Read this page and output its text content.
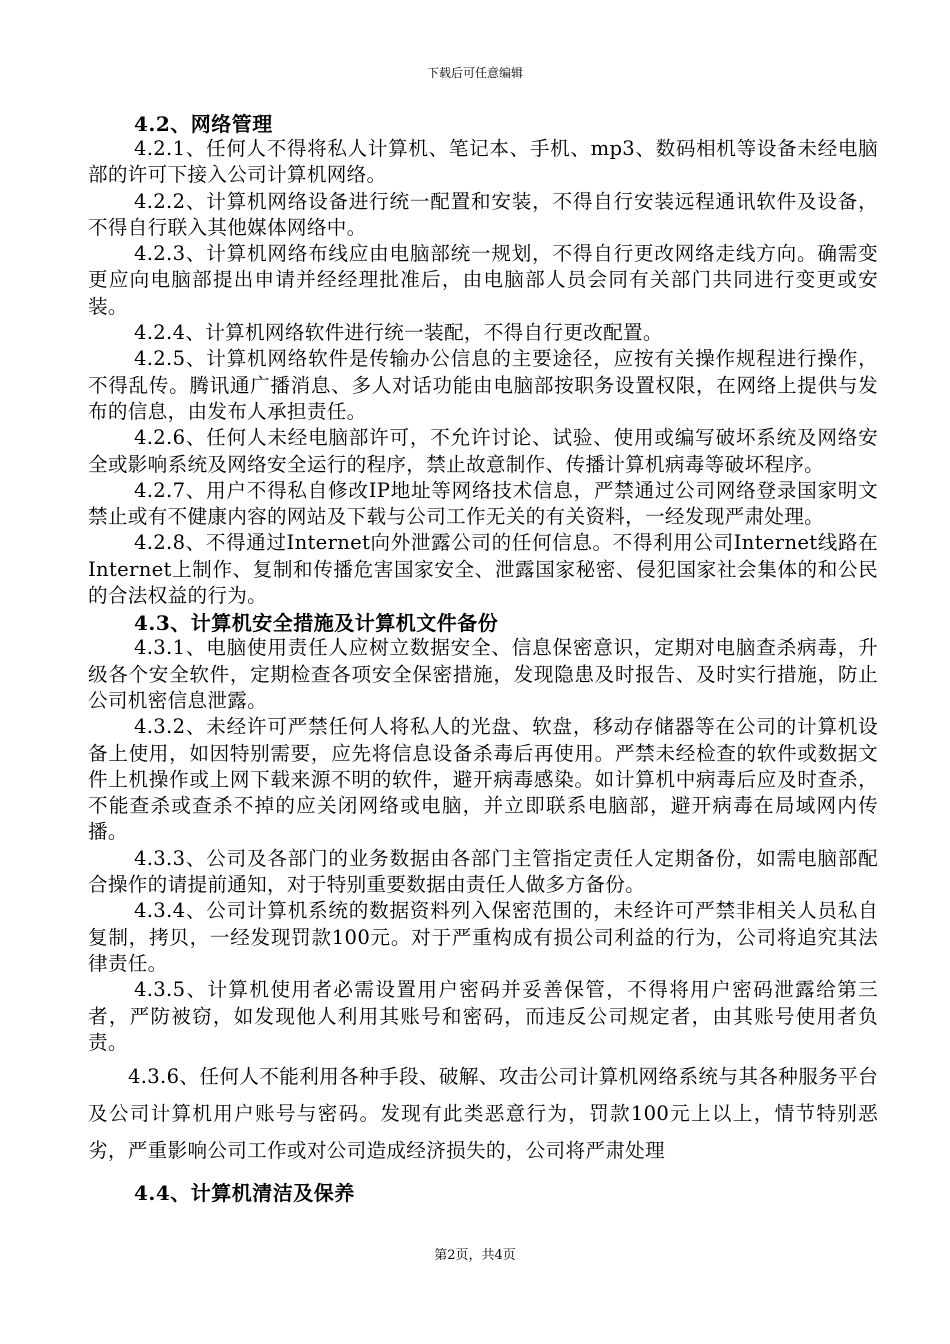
下载后可任意编辑

4.2、网络管理

4.2.1、任何人不得将私人计算机、笔记本、手机、mp3、数码相机等设备未经电脑部的许可下接入公司计算机网络。

4.2.2、计算机网络设备进行统一配置和安装，不得自行安装远程通讯软件及设备，不得自行联入其他媒体网络中。

4.2.3、计算机网络布线应由电脑部统一规划，不得自行更改网络走线方向。确需变更应向电脑部提出申请并经经理批准后，由电脑部人员会同有关部门共同进行变更或安装。

4.2.4、计算机网络软件进行统一装配，不得自行更改配置。

4.2.5、计算机网络软件是传输办公信息的主要途径，应按有关操作规程进行操作，不得乱传。腾讯通广播消息、多人对话功能由电脑部按职务设置权限，在网络上提供与发布的信息，由发布人承担责任。

4.2.6、任何人未经电脑部许可，不允许讨论、试验、使用或编写破坏系统及网络安全或影响系统及网络安全运行的程序，禁止故意制作、传播计算机病毒等破坏程序。

4.2.7、用户不得私自修改IP地址等网络技术信息，严禁通过公司网络登录国家明文禁止或有不健康内容的网站及下载与公司工作无关的有关资料，一经发现严肃处理。

4.2.8、不得通过Internet向外泄露公司的任何信息。不得利用公司Internet线路在Internet上制作、复制和传播危害国家安全、泄露国家秘密、侵犯国家社会集体的和公民的合法权益的行为。

4.3、计算机安全措施及计算机文件备份

4.3.1、电脑使用责任人应树立数据安全、信息保密意识，定期对电脑查杀病毒，升级各个安全软件，定期检查各项安全保密措施，发现隐患及时报告、及时实行措施，防止公司机密信息泄露。

4.3.2、未经许可严禁任何人将私人的光盘、软盘，移动存储器等在公司的计算机设备上使用，如因特别需要，应先将信息设备杀毒后再使用。严禁未经检查的软件或数据文件上机操作或上网下载来源不明的软件，避开病毒感染。如计算机中病毒后应及时查杀，不能查杀或查杀不掉的应关闭网络或电脑，并立即联系电脑部，避开病毒在局域网内传播。

4.3.3、公司及各部门的业务数据由各部门主管指定责任人定期备份，如需电脑部配合操作的请提前通知，对于特别重要数据由责任人做多方备份。

4.3.4、公司计算机系统的数据资料列入保密范围的，未经许可严禁非相关人员私自复制，拷贝，一经发现罚款100元。对于严重构成有损公司利益的行为，公司将追究其法律责任。

4.3.5、计算机使用者必需设置用户密码并妥善保管，不得将用户密码泄露给第三者，严防被窃，如发现他人利用其账号和密码，而违反公司规定者，由其账号使用者负责。

4.3.6、任何人不能利用各种手段、破解、攻击公司计算机网络系统与其各种服务平台及公司计算机用户账号与密码。发现有此类恶意行为，罚款100元上以上，情节特别恶劣，严重影响公司工作或对公司造成经济损失的，公司将严肃处理

4.4、计算机清洁及保养

第2页，共4页
